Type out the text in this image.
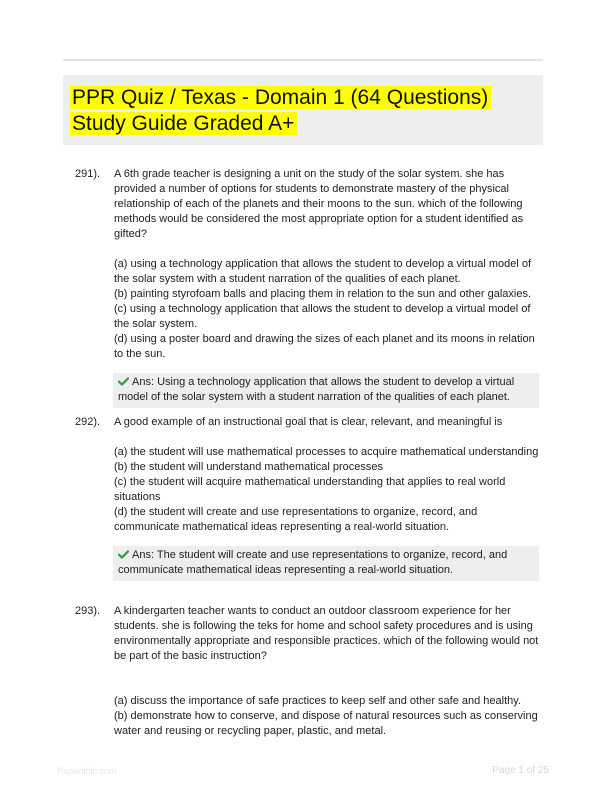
PPR Quiz / Texas - Domain 1 (64 Questions)
Study Guide Graded A+
291).	A 6th grade teacher is designing a unit on the study of the solar system. she has provided a number of options for students to demonstrate mastery of the physical relationship of each of the planets and their moons to the sun. which of the following methods would be considered the most appropriate option for a student identified as gifted?

(a) using a technology application that allows the student to develop a virtual model of the solar system with a student narration of the qualities of each planet.
(b) painting styrofoam balls and placing them in relation to the sun and other galaxies.
(c) using a technology application that allows the student to develop a virtual model of the solar system.
(d) using a poster board and drawing the sizes of each planet and its moons in relation to the sun.
Ans: Using a technology application that allows the student to develop a virtual model of the solar system with a student narration of the qualities of each planet.
292).	A good example of an instructional goal that is clear, relevant, and meaningful is

(a) the student will use mathematical processes to acquire mathematical understanding
(b) the student will understand mathematical processes
(c) the student will acquire mathematical understanding that applies to real world situations
(d) the student will create and use representations to organize, record, and communicate mathematical ideas representing a real-world situation.
Ans: The student will create and use representations to organize, record, and communicate mathematical ideas representing a real-world situation.
293).	A kindergarten teacher wants to conduct an outdoor classroom experience for her students. she is following the teks for home and school safety procedures and is using environmentally appropriate and responsible practices. which of the following would not be part of the basic instruction?

(a) discuss the importance of safe practices to keep self and other safe and healthy.
(b) demonstrate how to conserve, and dispose of natural resources such as conserving water and reusing or recycling paper, plastic, and metal.
Papertibic.com	Page 1 of 25
